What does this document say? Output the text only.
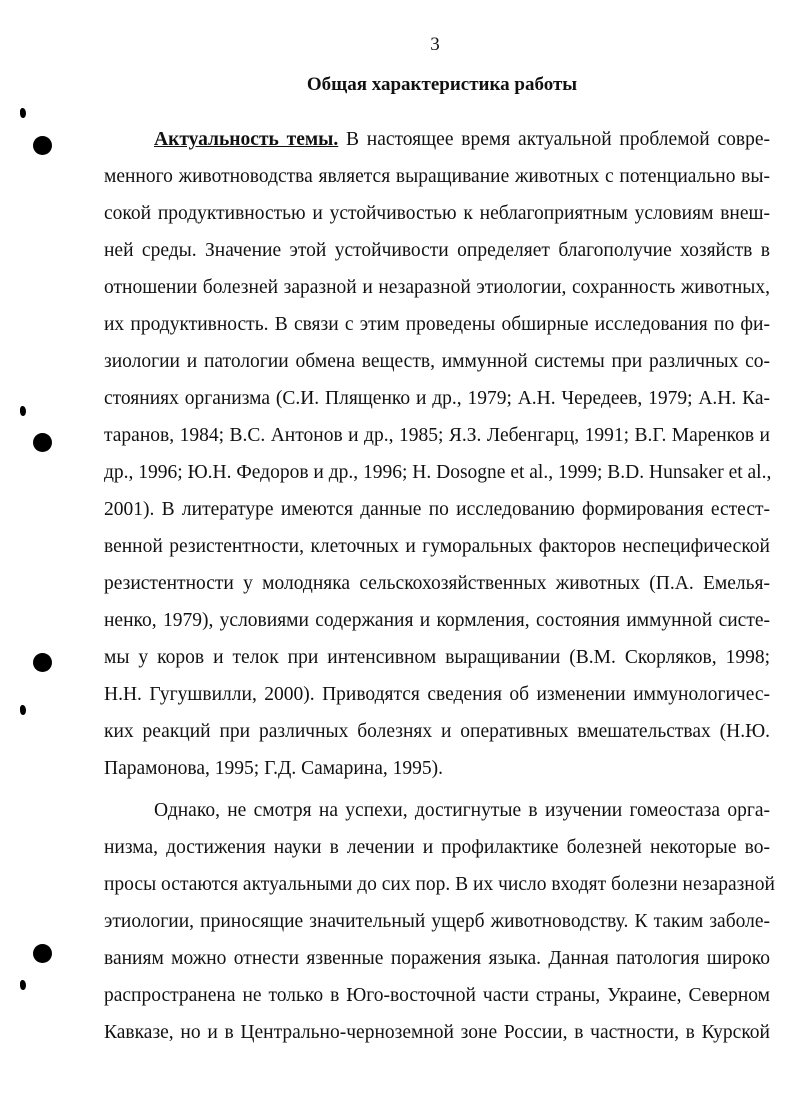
3
Общая характеристика работы
Актуальность темы. В настоящее время актуальной проблемой совре-
менного животноводства является выращивание животных с потенциально вы-
сокой продуктивностью и устойчивостью к неблагоприятным условиям внеш-
ней среды. Значение этой устойчивости определяет благополучие хозяйств в
отношении болезней заразной и незаразной этиологии, сохранность животных,
их продуктивность. В связи с этим проведены обширные исследования по фи-
зиологии и патологии обмена веществ, иммунной системы при различных со-
стояниях организма (С.И. Плященко и др., 1979; А.Н. Чередеев, 1979; А.Н. Ка-
таранов, 1984; В.С. Антонов и др., 1985; Я.З. Лебенгарц, 1991; В.Г. Маренков и
др., 1996; Ю.Н. Федоров и др., 1996; H. Dosogne et al., 1999; B.D. Hunsaker et al.,
2001). В литературе имеются данные по исследованию формирования естест-
венной резистентности, клеточных и гуморальных факторов неспецифической
резистентности у молодняка сельскохозяйственных животных (П.А. Емелья-
ненко, 1979), условиями содержания и кормления, состояния иммунной систе-
мы у коров и телок при интенсивном выращивании (В.М. Скорляков, 1998;
Н.Н. Гугушвилли, 2000). Приводятся сведения об изменении иммунологичес-
ких реакций при различных болезнях и оперативных вмешательствах (Н.Ю.
Парамонова, 1995; Г.Д. Самарина, 1995).
Однако, не смотря на успехи, достигнутые в изучении гомеостаза орга-
низма, достижения науки в лечении и профилактике болезней некоторые во-
просы остаются актуальными до сих пор. В их число входят болезни незаразной
этиологии, приносящие значительный ущерб животноводству. К таким заболе-
ваниям можно отнести язвенные поражения языка. Данная патология широко
распространена не только в Юго-восточной части страны, Украине, Северном
Кавказе, но и в Центрально-черноземной зоне России, в частности, в Курской
